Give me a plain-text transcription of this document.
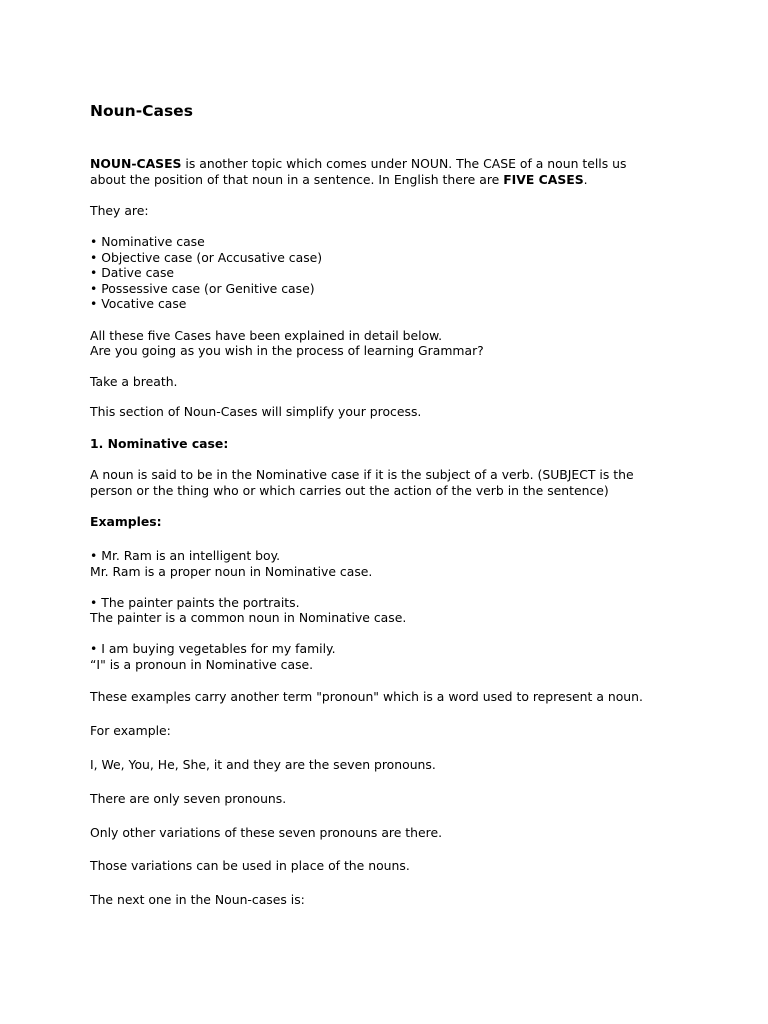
Noun-Cases

NOUN-CASES is another topic which comes under NOUN. The CASE of a noun tells us

about the position of that noun in a sentence. In English there are FIVE CASES.

They are:

• Nominative case

• Objective case (or Accusative case)

• Dative case

• Possessive case (or Genitive case)

• Vocative case

All these five Cases have been explained in detail below.

Are you going as you wish in the process of learning Grammar?

Take a breath.

This section of Noun-Cases will simplify your process.

1. Nominative case:

A noun is said to be in the Nominative case if it is the subject of a verb. (SUBJECT is the

person or the thing who or which carries out the action of the verb in the sentence)

Examples:

• Mr. Ram is an intelligent boy.

Mr. Ram is a proper noun in Nominative case.

• The painter paints the portraits.

The painter is a common noun in Nominative case.

• I am buying vegetables for my family.

“I" is a pronoun in Nominative case.

These examples carry another term "pronoun" which is a word used to represent a noun.

For example:

I, We, You, He, She, it and they are the seven pronouns.

There are only seven pronouns.

Only other variations of these seven pronouns are there.

Those variations can be used in place of the nouns.

The next one in the Noun-cases is:
